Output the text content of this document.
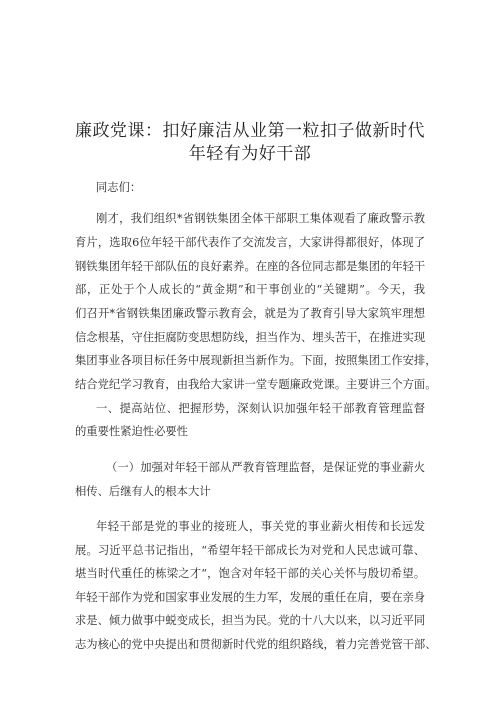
廉政党课：扣好廉洁从业第一粒扣子做新时代
年轻有为好干部
同志们：
刚才，我们组织*省钢铁集团全体干部职工集体观看了廉政警示教
育片，选取6位年轻干部代表作了交流发言，大家讲得都很好，体现了
钢铁集团年轻干部队伍的良好素养。在座的各位同志都是集团的年轻干
部，正处于个人成长的“黄金期”和干事创业的“关键期”。今天，我
们召开*省钢铁集团廉政警示教育会，就是为了教育引导大家筑牢理想
信念根基，守住拒腐防变思想防线，担当作为、埋头苦干，在推进实现
集团事业各项目标任务中展现新担当新作为。下面，按照集团工作安排，
结合党纪学习教育，由我给大家讲一堂专题廉政党课。主要讲三个方面。
一、提高站位、把握形势，深刻认识加强年轻干部教育管理监督
的重要性紧迫性必要性
（一）加强对年轻干部从严教育管理监督，是保证党的事业薪火
相传、后继有人的根本大计
年轻干部是党的事业的接班人，事关党的事业薪火相传和长远发
展。习近平总书记指出，“希望年轻干部成长为对党和人民忠诚可靠、
堪当时代重任的栋梁之才“，饱含对年轻干部的关心关怀与殷切希望。
年轻干部作为党和国家事业发展的生力军，发展的重任在肩，要在亲身
求是、倾力做事中蜕变成长，担当为民。党的十八大以来，以习近平同
志为核心的党中央提出和贯彻新时代党的组织路线，着力完善党管干部、
